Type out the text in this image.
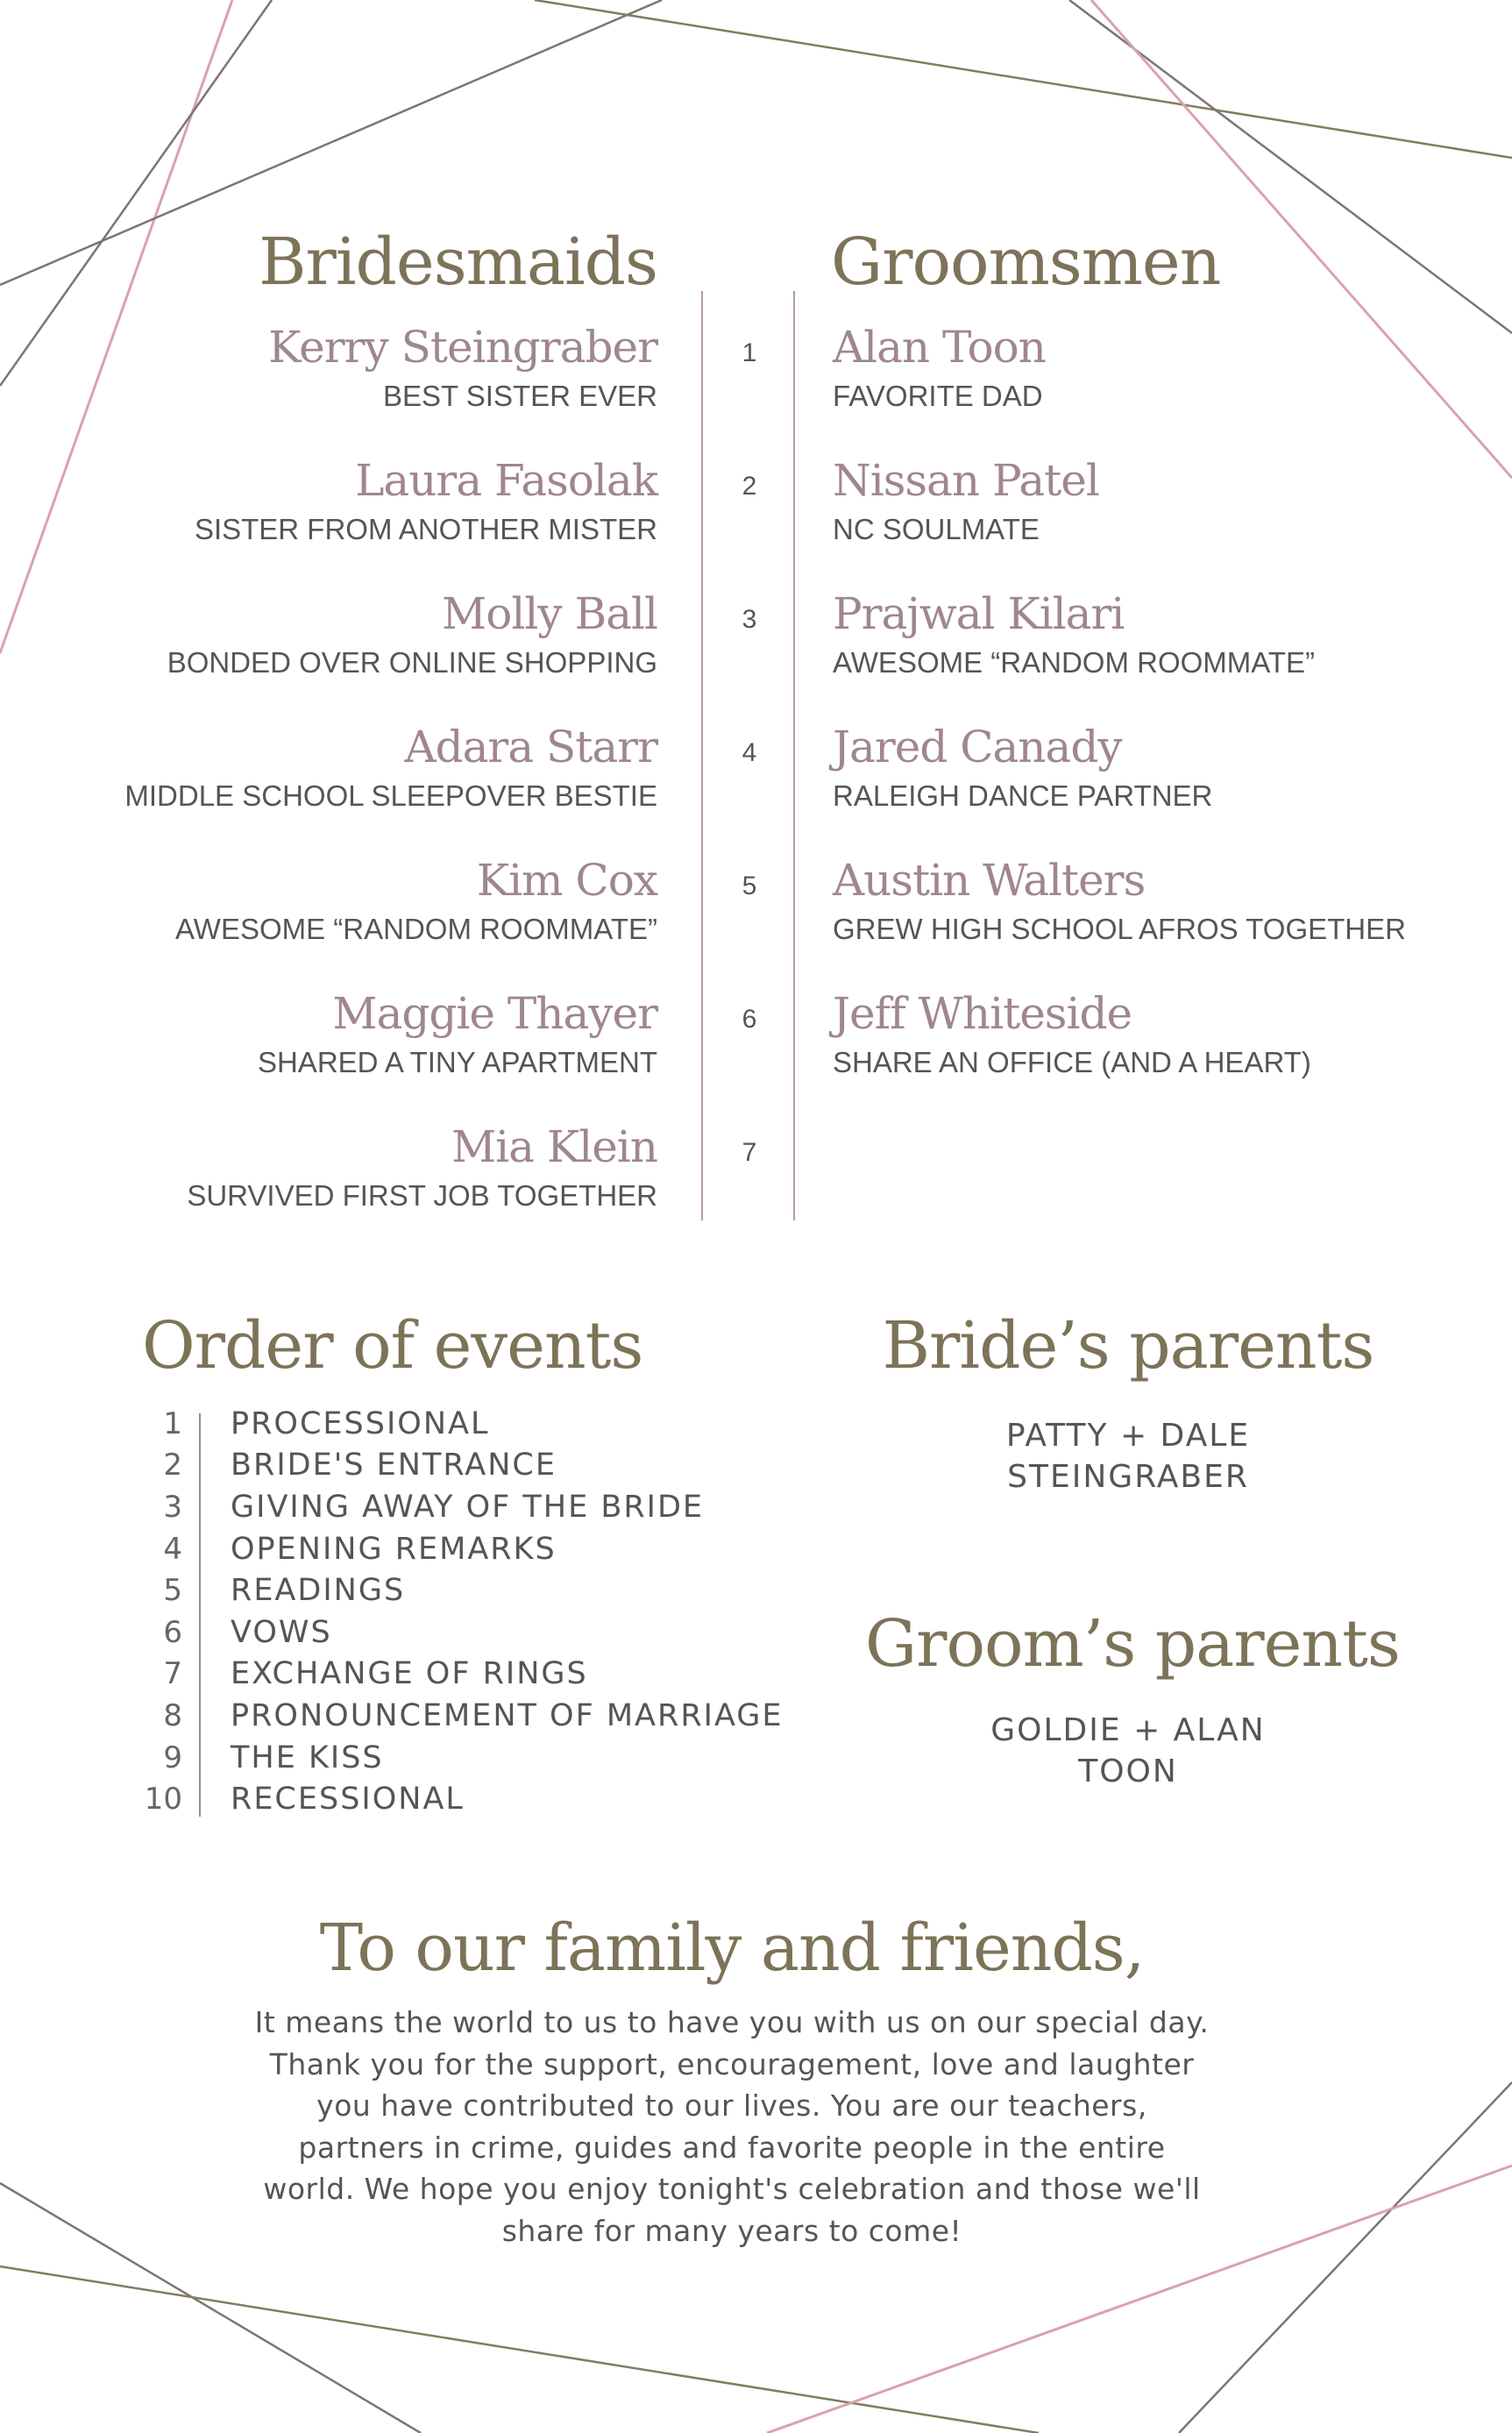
Bridesmaids
Kerry Steingraber
BEST SISTER EVER
Laura Fasolak
SISTER FROM ANOTHER MISTER
Molly Ball
BONDED OVER ONLINE SHOPPING
Adara Starr
MIDDLE SCHOOL SLEEPOVER BESTIE
Kim Cox
AWESOME “RANDOM ROOMMATE”
Maggie Thayer
SHARED A TINY APARTMENT
Mia Klein
SURVIVED FIRST JOB TOGETHER
1
2
3
4
5
6
7
Groomsmen
Alan Toon
FAVORITE DAD
Nissan Patel
NC SOULMATE
Prajwal Kilari
AWESOME “RANDOM ROOMMATE”
Jared Canady
RALEIGH DANCE PARTNER
Austin Walters
GREW HIGH SCHOOL AFROS TOGETHER
Jeff Whiteside
SHARE AN OFFICE (AND A HEART)
Order of events
1 PROCESSIONAL
2 BRIDE'S ENTRANCE
3 GIVING AWAY OF THE BRIDE
4 OPENING REMARKS
5 READINGS
6 VOWS
7 EXCHANGE OF RINGS
8 PRONOUNCEMENT OF MARRIAGE
9 THE KISS
10 RECESSIONAL
Bride’s parents
PATTY + DALE
STEINGRABER
Groom’s parents
GOLDIE + ALAN
TOON
To our family and friends,
It means the world to us to have you with us on our special day.
Thank you for the support, encouragement, love and laughter
you have contributed to our lives. You are our teachers,
partners in crime, guides and favorite people in the entire
world. We hope you enjoy tonight's celebration and those we'll
share for many years to come!
